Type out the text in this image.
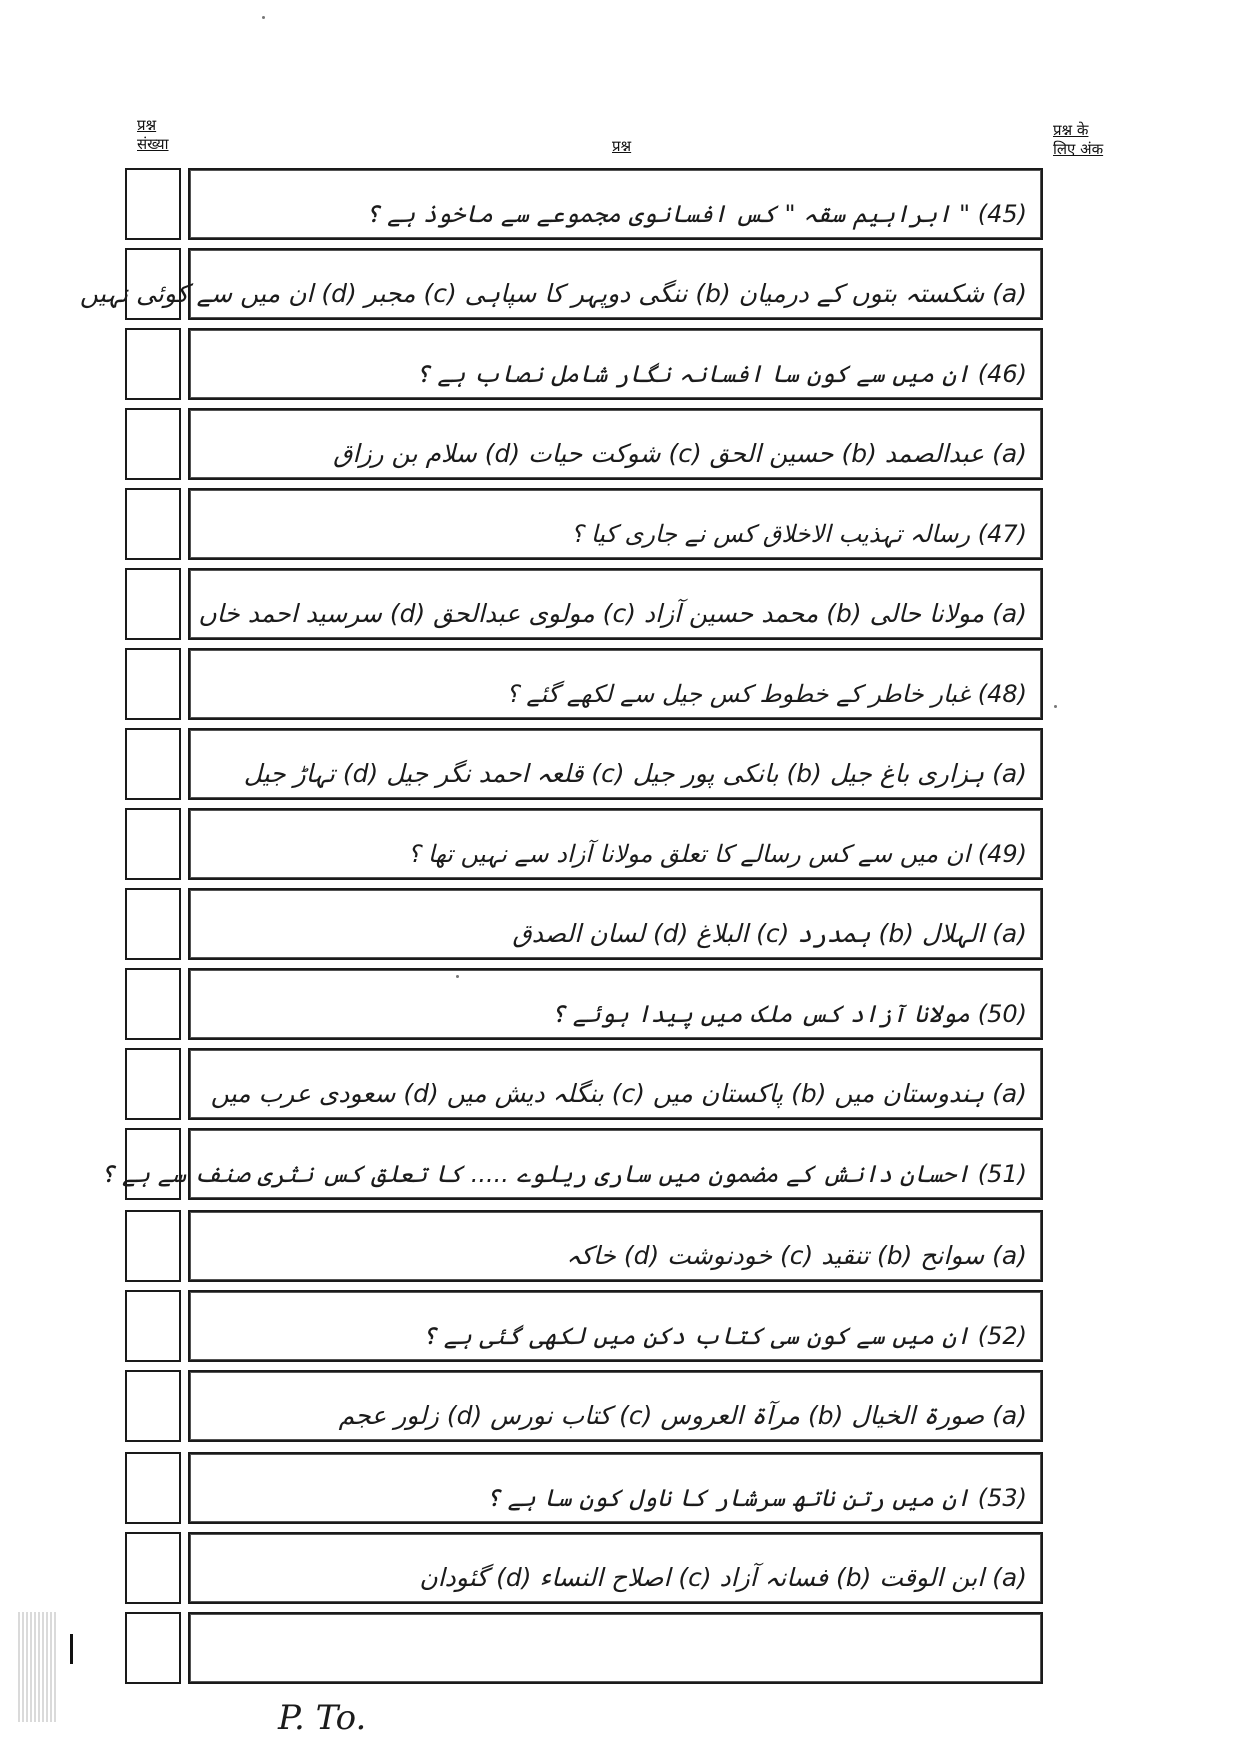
प्रश्न
संख्या	प्रश्न
प्रश्न के
लिए अंक
(45) " ابراہیم سقہ " کس افسانوی مجموعے سے ماخوذ ہے ؟
(a) شکستہ بتوں کے درمیان (b) ننگی دوپہر کا سپاہی (c) مجبر (d) ان میں سے کوئی نہیں
(46) ان میں سے کون سا افسانہ نگار شامل نصاب ہے ؟
(a) عبدالصمد (b) حسین الحق (c) شوکت حیات (d) سلام بن رزاق
(47) رسالہ تہذیب الاخلاق کس نے جاری کیا ؟
(a) مولانا حالی (b) محمد حسین آزاد (c) مولوی عبدالحق (d) سرسید احمد خاں
(48) غبار خاطر کے خطوط کس جیل سے لکھے گئے ؟
(a) ہزاری باغ جیل (b) بانکی پور جیل (c) قلعہ احمد نگر جیل (d) تہاڑ جیل
(49) ان میں سے کس رسالے کا تعلق مولانا آزاد سے نہیں تھا ؟
(a) الہلال (b) ہمدرد (c) البلاغ (d) لسان الصدق
(50) مولانا آزاد کس ملک میں پیدا ہوئے ؟
(a) ہندوستان میں (b) پاکستان میں (c) بنگلہ دیش میں (d) سعودی عرب میں
(51) احسان دانش کے مضمون میں ساری ریلوے ..... کا تعلق کس نثری صنف سے ہے ؟
(a) سوانح (b) تنقید (c) خودنوشت (d) خاکہ
(52) ان میں سے کون سی کتاب دکن میں لکھی گئی ہے ؟
(a) صورۃ الخیال (b) مرآۃ العروس (c) کتاب نورس (d) زلور عجم
(53) ان میں رتن ناتھ سرشار کا ناول کون سا ہے ؟
(a) ابن الوقت (b) فسانہ آزاد (c) اصلاح النساء (d) گئودان
P. To.
